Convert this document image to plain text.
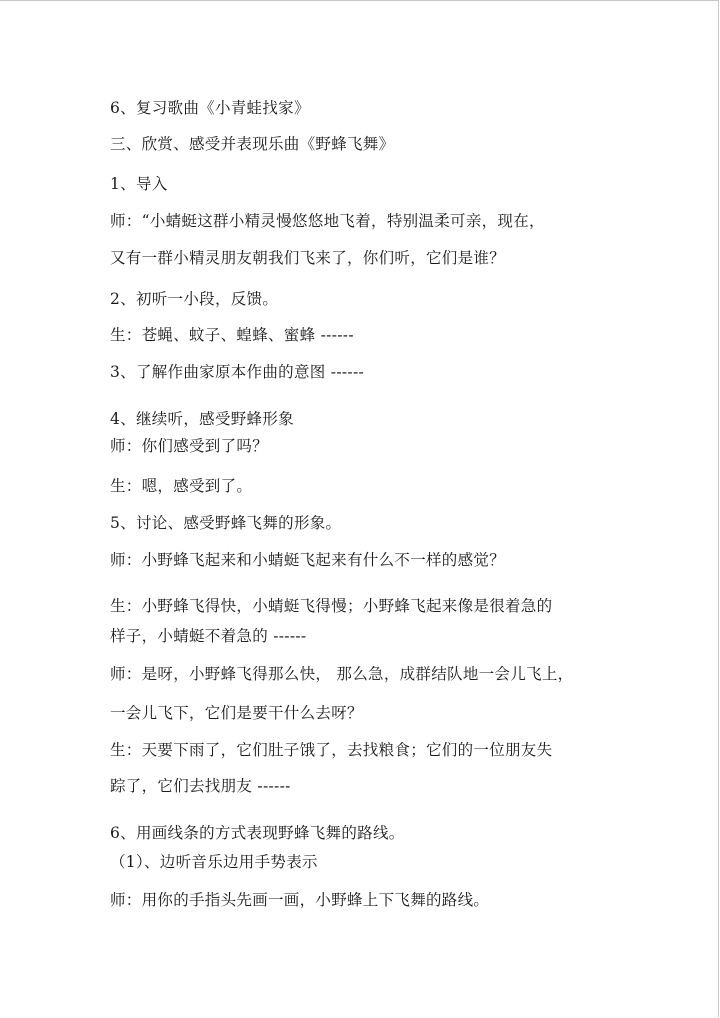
6、复习歌曲《小青蛙找家》
三、欣赏、感受并表现乐曲《野蜂飞舞》
1、导入
师：“小蜻蜓这群小精灵慢悠悠地飞着，特别温柔可亲，现在，
又有一群小精灵朋友朝我们飞来了，你们听，它们是谁？
2、初听一小段，反馈。
生：苍蝇、蚊子、蝗蜂、蜜蜂 ------
3、了解作曲家原本作曲的意图 ------
4、继续听，感受野蜂形象
师：你们感受到了吗？
生：嗯，感受到了。
5、讨论、感受野蜂飞舞的形象。
师：小野蜂飞起来和小蜻蜓飞起来有什么不一样的感觉？
生：小野蜂飞得快，小蜻蜓飞得慢；小野蜂飞起来像是很着急的
样子，小蜻蜓不着急的 ------
师：是呀，小野蜂飞得那么快， 那么急，成群结队地一会儿飞上，
一会儿飞下，它们是要干什么去呀？
生：天要下雨了，它们肚子饿了，去找粮食；它们的一位朋友失
踪了，它们去找朋友 ------
6、用画线条的方式表现野蜂飞舞的路线。
（1）、边听音乐边用手势表示
师：用你的手指头先画一画，小野蜂上下飞舞的路线。
